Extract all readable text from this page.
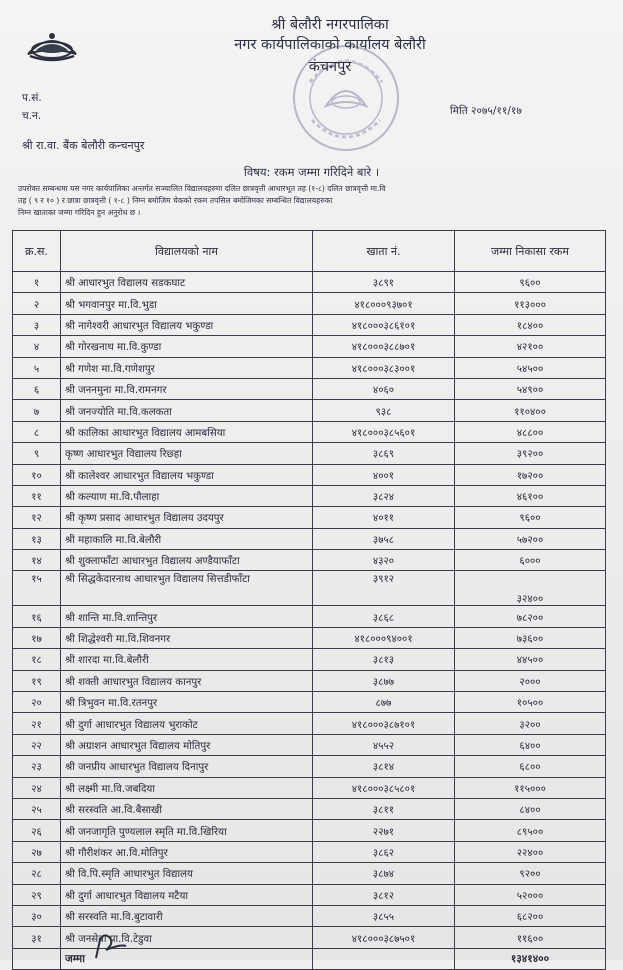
श्री बेलौरी नगरपालिका
नगर कार्यपालिकाको कार्यालय बेलौरी
कंचनपुर
प.सं.
च.न.	मिति २०७५/११/१७
श्री रा.वा. बैंक बेलौरी कन्चनपुर
विषय: रकम जम्मा गरिदिने बारे ।
उपरोक्त सम्बन्धमा यस नगर कार्यपालिका अन्तर्गत सञ्चालित विद्यालयहरुमा दलित छात्रवृत्ती आधारभूत तह (१-८) दलित छात्रवृत्ती मा.वि
तह ( ९ र १० ) र छात्रा छात्रवृत्ती ( १-८ ) निम्न बमोजिम चेकको रकम तपसिल बमोजिमका सम्बन्धित विद्यालयहरुका
निम्न खाताका जम्मा गरिदिन हुन अनुरोध छ ।
क्र.स.	विद्यालयको नाम	खाता नं.	जम्मा निकासा रकम
१	श्री आधारभुत विद्यालय सडकघाट	३८९१	९६००
२	श्री भगवानपुर मा.वि.भुडा	४१८०००९३७०१	११३०००
३	श्री नागेश्वरी आधारभुत विद्यालय भकुण्डा	४१८०००३८६१०१	१८४००
४	श्री गोरखनाथ मा.वि.कुण्डा	४१८०००३८८७०१	४२१००
५	श्री गणेश मा.वि.गणेशपुर	४१८०००३८३००१	५४५००
६	श्री जननमुना मा.वि.रामनगर	४०६०	५४९००
७	श्री जनज्योति मा.वि.कलकता	९३८	११०४००
८	श्री कालिका आधारभुत विद्यालय आमबसिया	४१८०००३८५६०१	४८८००
९	कृष्ण आधारभुत विद्यालय रिछ्हा	३८६९	३९२००
१०	श्री कालेश्वर आधारभुत विद्यालय भकुण्डा	४००१	१७२००
११	श्री कल्याण मा.वि.पौलाहा	३८२४	४६१००
१२	श्री कृष्ण प्रसाद आधारभुत विद्यालय उदयपुर	४०११	९६००
१३	श्री महाकालि मा.वि.बेलौरी	३७५८	५७२००
१४	श्री शुक्लाफाँटा आधारभुत विद्यालय अण्डैयाफाँटा	४३२०	६०००
१५	श्री सिद्धकेदारनाथ आधारभुत विद्यालय सित्तडीफाँटा	३९१२	३२४००
१६	श्री शान्ति मा.वि.शान्तिपुर	३८६८	७८२००
१७	श्री शिद्धेश्वरी मा.वि.शिवनगर	४१८०००९४००१	७३६००
१८	श्री शारदा मा.वि.बेलौरी	३८१३	४४५००
१९	श्री शक्ती आधारभुत विद्यालय कानपुर	३८७७	२०००
२०	श्री त्रिभुवन मा.वि.रतनपुर	८७७	१०५००
२१	श्री दुर्गा आधारभुत विद्यालय भुराकोट	४१८०००३८७१०१	३२००
२२	श्री अग्राशन आधारभुत विद्यालय मोतिपुर	४५५२	६४००
२३	श्री जनप्रीय आधारभुत विद्यालय दिनापुर	३८१४	६८००
२४	श्री लक्ष्मी मा.वि.जबदिया	४१८०००३८५८०१	११५०००
२५	श्री सरस्वति आ.वि.बैसाखी	३८११	८४००
२६	श्री जनजागृति पुण्यलाल स्मृति मा.वि.खिरिया	२२७१	८९५००
२७	श्री गौरीशंकर आ.वि.मोतिपुर	३८६२	२२४००
२८	श्री वि.पि.स्मृति आधारभुत विद्यालय	३८७४	९२००
२९	श्री दुर्गा आधारभुत विद्यालय मटैया	३८१२	५२०००
३०	श्री सरस्वति मा.वि.बुटावारी	३८५५	६८२००
३१	श्री जनसेवा प्रा.वि.टेडुवा	४१८०००३८७५०१	११६००
	जम्मा		१३४१४००
